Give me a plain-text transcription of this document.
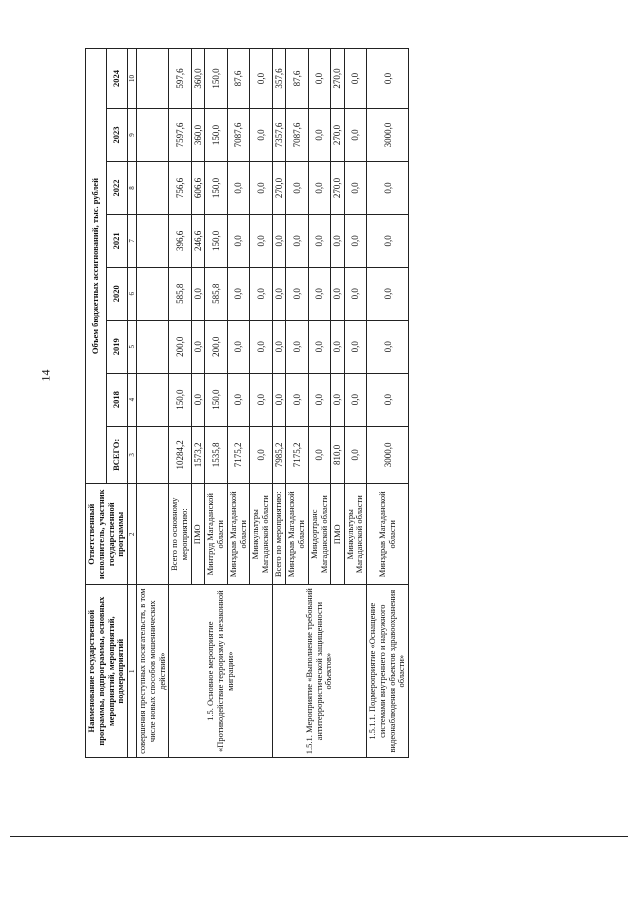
14
Наименование государственной программы, подпрограммы, основных мероприятий, мероприятий, подмероприятий	Ответственный исполнитель, участник государственной программы	Объем бюджетных ассигнований, тыс. рублей							
		ВСЕГО:	2018	2019	2020	2021	2022	2023	2024
1	2	3	4	5	6	7	8	9	10
совершения преступных посягательств, в том числе новых способов мошеннических действий»									
1.5. Основное мероприятие «Противодействие терроризму и незаконной миграции»	Всего по основному мероприятию:	10284,2	150,0	200,0	585,8	396,6	756,6	7597,6	597,6
	ПМО	1573,2	0,0	0,0	0,0	246,6	606,6	360,0	360,0
	Минтруд Магаданской области	1535,8	150,0	200,0	585,8	150,0	150,0	150,0	150,0
	Минздрав Магаданской области	7175,2	0,0	0,0	0,0	0,0	0,0	7087,6	87,6
	Минкультуры Магаданской области	0,0	0,0	0,0	0,0	0,0	0,0	0,0	0,0
1.5.1. Мероприятие «Выполнение требований антитеррористической защищенности объектов»	Всего по мероприятию:	7985,2	0,0	0,0	0,0	0,0	270,0	7357,6	357,6
	Минздрав Магаданской области	7175,2	0,0	0,0	0,0	0,0	0,0	7087,6	87,6
	Миндортранс Магаданской области	0,0	0,0	0,0	0,0	0,0	0,0	0,0	0,0
	ПМО	810,0	0,0	0,0	0,0	0,0	270,0	270,0	270,0
	Минкультуры Магаданской области	0,0	0,0	0,0	0,0	0,0	0,0	0,0	0,0
1.5.1.1. Подмероприятие «Оснащение системами внутреннего и наружного видеонаблюдения объектов здравоохранения области»	Минздрав Магаданской области	3000,0	0,0	0,0	0,0	0,0	0,0	3000,0	0,0
